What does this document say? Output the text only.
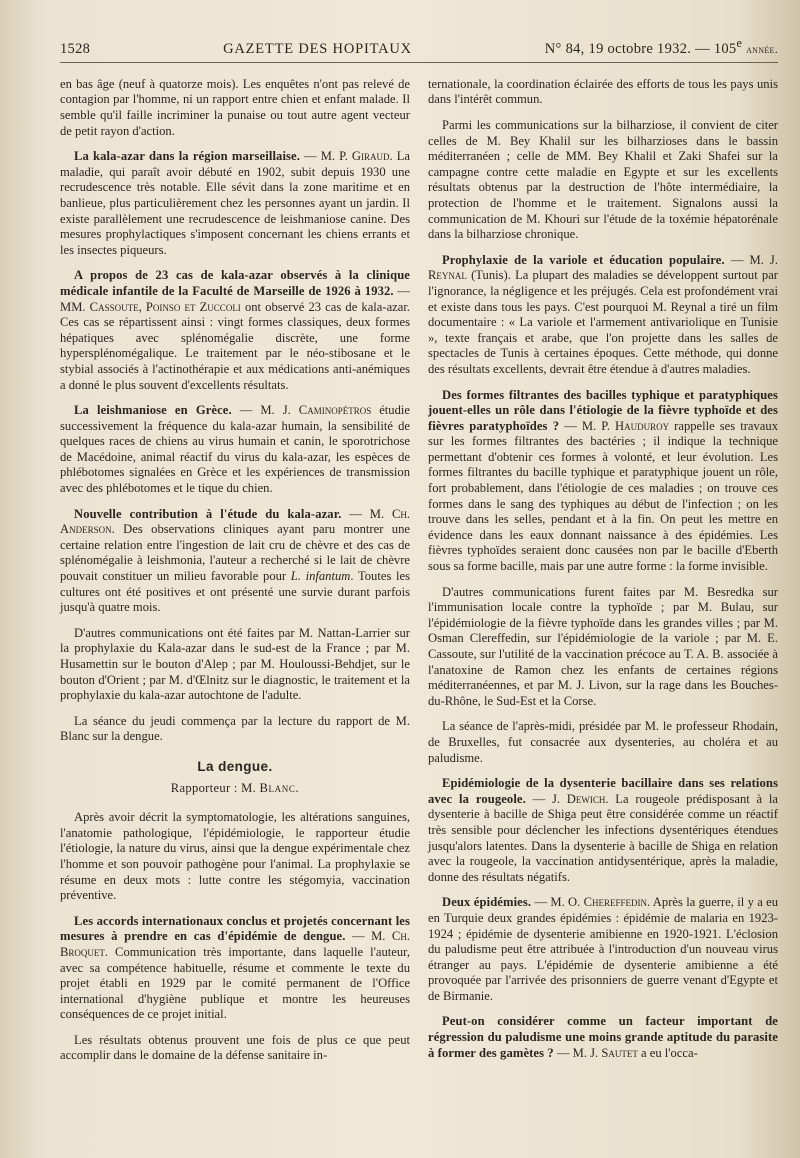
1528	GAZETTE DES HOPITAUX	N° 84, 19 octobre 1932. — 105e année.

en bas âge (neuf à quatorze mois). Les enquêtes n'ont pas relevé de contagion par l'homme, ni un rapport entre chien et enfant malade. Il semble qu'il faille incriminer la punaise ou tout autre agent vecteur de petit rayon d'action.

La kala-azar dans la région marseillaise. — M. P. Giraud. La maladie, qui paraît avoir débuté en 1902, subit depuis 1930 une recrudescence très notable. Elle sévit dans la zone maritime et en banlieue, plus particulièrement chez les personnes ayant un jardin. Il existe parallèlement une recrudescence de leishmaniose canine. Des mesures prophylactiques s'imposent concernant les chiens errants et les insectes piqueurs.

A propos de 23 cas de kala-azar observés à la clinique médicale infantile de la Faculté de Marseille de 1926 à 1932. — MM. Cassoute, Poinso et Zuccoli ont observé 23 cas de kala-azar. Ces cas se répartissent ainsi : vingt formes classiques, deux formes hépatiques avec splénomégalie discrète, une forme hypersplénomégalique. Le traitement par le néo-stibosane et le stybial associés à l'actinothérapie et aux médications anti-anémiques a donné le plus souvent d'excellents résultats.

La leishmaniose en Grèce. — M. J. Caminopétros étudie successivement la fréquence du kala-azar humain, la sensibilité de quelques races de chiens au virus humain et canin, le sporotrichose de Macédoine, animal réactif du virus du kala-azar, les espèces de phlébotomes signalées en Grèce et les expériences de transmission avec des phlébotomes et le tique du chien.

Nouvelle contribution à l'étude du kala-azar. — M. Ch. Anderson. Des observations cliniques ayant paru montrer une certaine relation entre l'ingestion de lait cru de chèvre et des cas de splénomégalie à leishmonia, l'auteur a recherché si le lait de chèvre pouvait constituer un milieu favorable pour L. infantum. Toutes les cultures ont été positives et ont présenté une survie durant parfois jusqu'à quatre mois.

D'autres communications ont été faites par M. Nattan-Larrier sur la prophylaxie du Kala-azar dans le sud-est de la France ; par M. Husamettin sur le bouton d'Alep ; par M. Houloussi-Behdjet, sur le bouton d'Orient ; par M. d'Œlnitz sur le diagnostic, le traitement et la prophylaxie du kala-azar autochtone de l'adulte.

La séance du jeudi commença par la lecture du rapport de M. Blanc sur la dengue.

La dengue.
Rapporteur : M. Blanc.

Après avoir décrit la symptomatologie, les altérations sanguines, l'anatomie pathologique, l'épidémiologie, le rapporteur étudie l'étiologie, la nature du virus, ainsi que la dengue expérimentale chez l'homme et son pouvoir pathogène pour l'animal. La prophylaxie se résume en deux mots : lutte contre les stégomyia, vaccination préventive.

Les accords internationaux conclus et projetés concernant les mesures à prendre en cas d'épidémie de dengue. — M. Ch. Broquet. Communication très importante, dans laquelle l'auteur, avec sa compétence habituelle, résume et commente le texte du projet établi en 1929 par le comité permanent de l'Office international d'hygiène publique et montre les heureuses conséquences de ce projet initial.

Les résultats obtenus prouvent une fois de plus ce que peut accomplir dans le domaine de la défense sanitaire in-

ternationale, la coordination éclairée des efforts de tous les pays unis dans l'intérêt commun.

Parmi les communications sur la bilharziose, il convient de citer celles de M. Bey Khalil sur les bilharzioses dans le bassin méditerranéen ; celle de MM. Bey Khalil et Zaki Shafei sur la campagne contre cette maladie en Egypte et sur les excellents résultats obtenus par la destruction de l'hôte intermédiaire, la protection de l'homme et le traitement. Signalons aussi la communication de M. Khouri sur l'étude de la toxémie hépatorénale dans la bilharziose chronique.

Prophylaxie de la variole et éducation populaire. — M. J. Reynal (Tunis). La plupart des maladies se développent surtout par l'ignorance, la négligence et les préjugés. Cela est profondément vrai et existe dans tous les pays. C'est pourquoi M. Reynal a tiré un film documentaire : « La variole et l'armement antivariolique en Tunisie », texte français et arabe, que l'on projette dans les salles de spectacles de Tunis à certaines époques. Cette méthode, qui donne des résultats excellents, devrait être étendue à d'autres maladies.

Des formes filtrantes des bacilles typhique et paratyphiques jouent-elles un rôle dans l'étiologie de la fièvre typhoïde et des fièvres paratyphoïdes ? — M. P. Hauduroy rappelle ses travaux sur les formes filtrantes des bactéries ; il indique la technique permettant d'obtenir ces formes à volonté, et leur évolution. Les formes filtrantes du bacille typhique et paratyphique jouent un rôle, fort probablement, dans l'étiologie de ces maladies ; on trouve ces formes dans le sang des typhiques au début de l'infection ; on les trouve dans les selles, pendant et à la fin. On peut les mettre en évidence dans les eaux donnant naissance à des épidémies. Les fièvres typhoïdes seraient donc causées non par le bacille d'Eberth sous sa forme bacille, mais par une autre forme : la forme invisible.

D'autres communications furent faites par M. Besredka sur l'immunisation locale contre la typhoïde ; par M. Bulau, sur l'épidémiologie de la fièvre typhoïde dans les grandes villes ; par M. Osman Clereffedin, sur l'épidémiologie de la variole ; par M. E. Cassoute, sur l'utilité de la vaccination précoce au T. A. B. associée à l'anatoxine de Ramon chez les enfants de certaines régions méditerranéennes, et par M. J. Livon, sur la rage dans les Bouches-du-Rhône, le Sud-Est et la Corse.

La séance de l'après-midi, présidée par M. le professeur Rhodain, de Bruxelles, fut consacrée aux dysenteries, au choléra et au paludisme.

Epidémiologie de la dysenterie bacillaire dans ses relations avec la rougeole. — J. Dewich. La rougeole prédisposant à la dysenterie à bacille de Shiga peut être considérée comme un réactif très sensible pour déclencher les infections dysentériques étendues jusqu'alors latentes. Dans la dysenterie à bacille de Shiga en relation avec la rougeole, la vaccination antidysentérique, après la maladie, donne des résultats négatifs.

Deux épidémies. — M. O. Chereffedin. Après la guerre, il y a eu en Turquie deux grandes épidémies : épidémie de malaria en 1923-1924 ; épidémie de dysenterie amibienne en 1920-1921. L'éclosion du paludisme peut être attribuée à l'introduction d'un nouveau virus étranger au pays. L'épidémie de dysenterie amibienne a été provoquée par l'arrivée des prisonniers de guerre venant d'Egypte et de Birmanie.

Peut-on considérer comme un facteur important de régression du paludisme une moins grande aptitude du parasite à former des gamètes ? — M. J. Sautet a eu l'occa-
